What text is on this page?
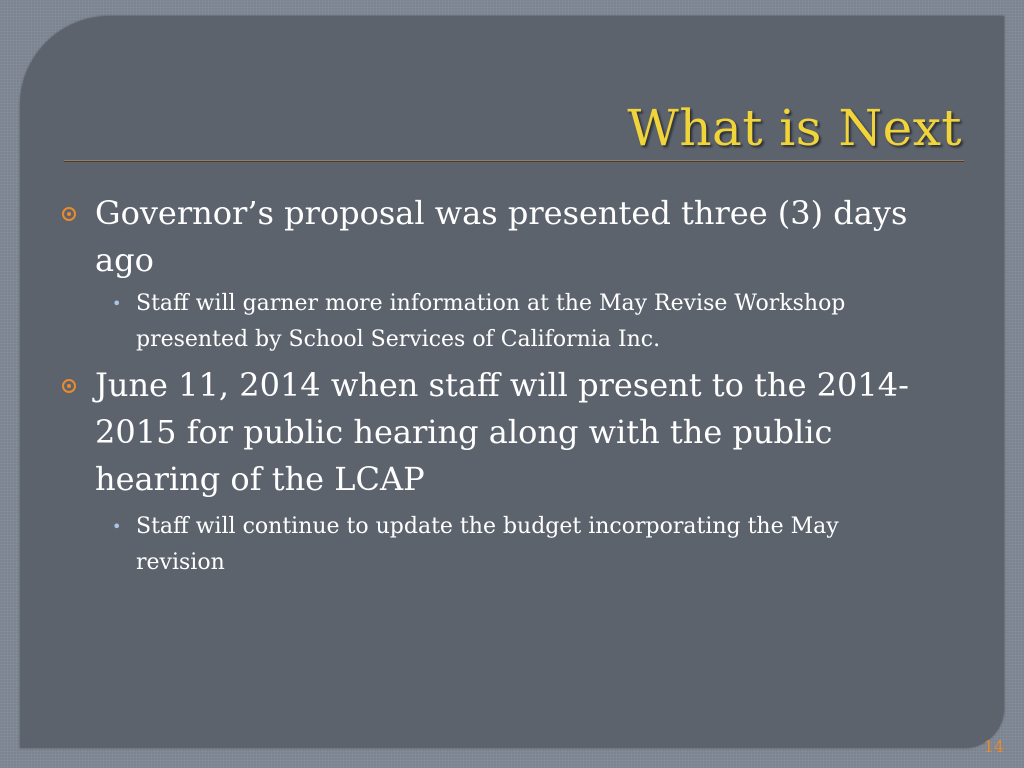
What is Next
Governor’s proposal was presented three (3) days ago
• Staff will garner more information at the May Revise Workshop presented by School Services of California Inc.
June 11, 2014 when staff will present to the 2014-2015 for public hearing along with the public hearing of the LCAP
• Staff will continue to update the budget incorporating the May revision
14
